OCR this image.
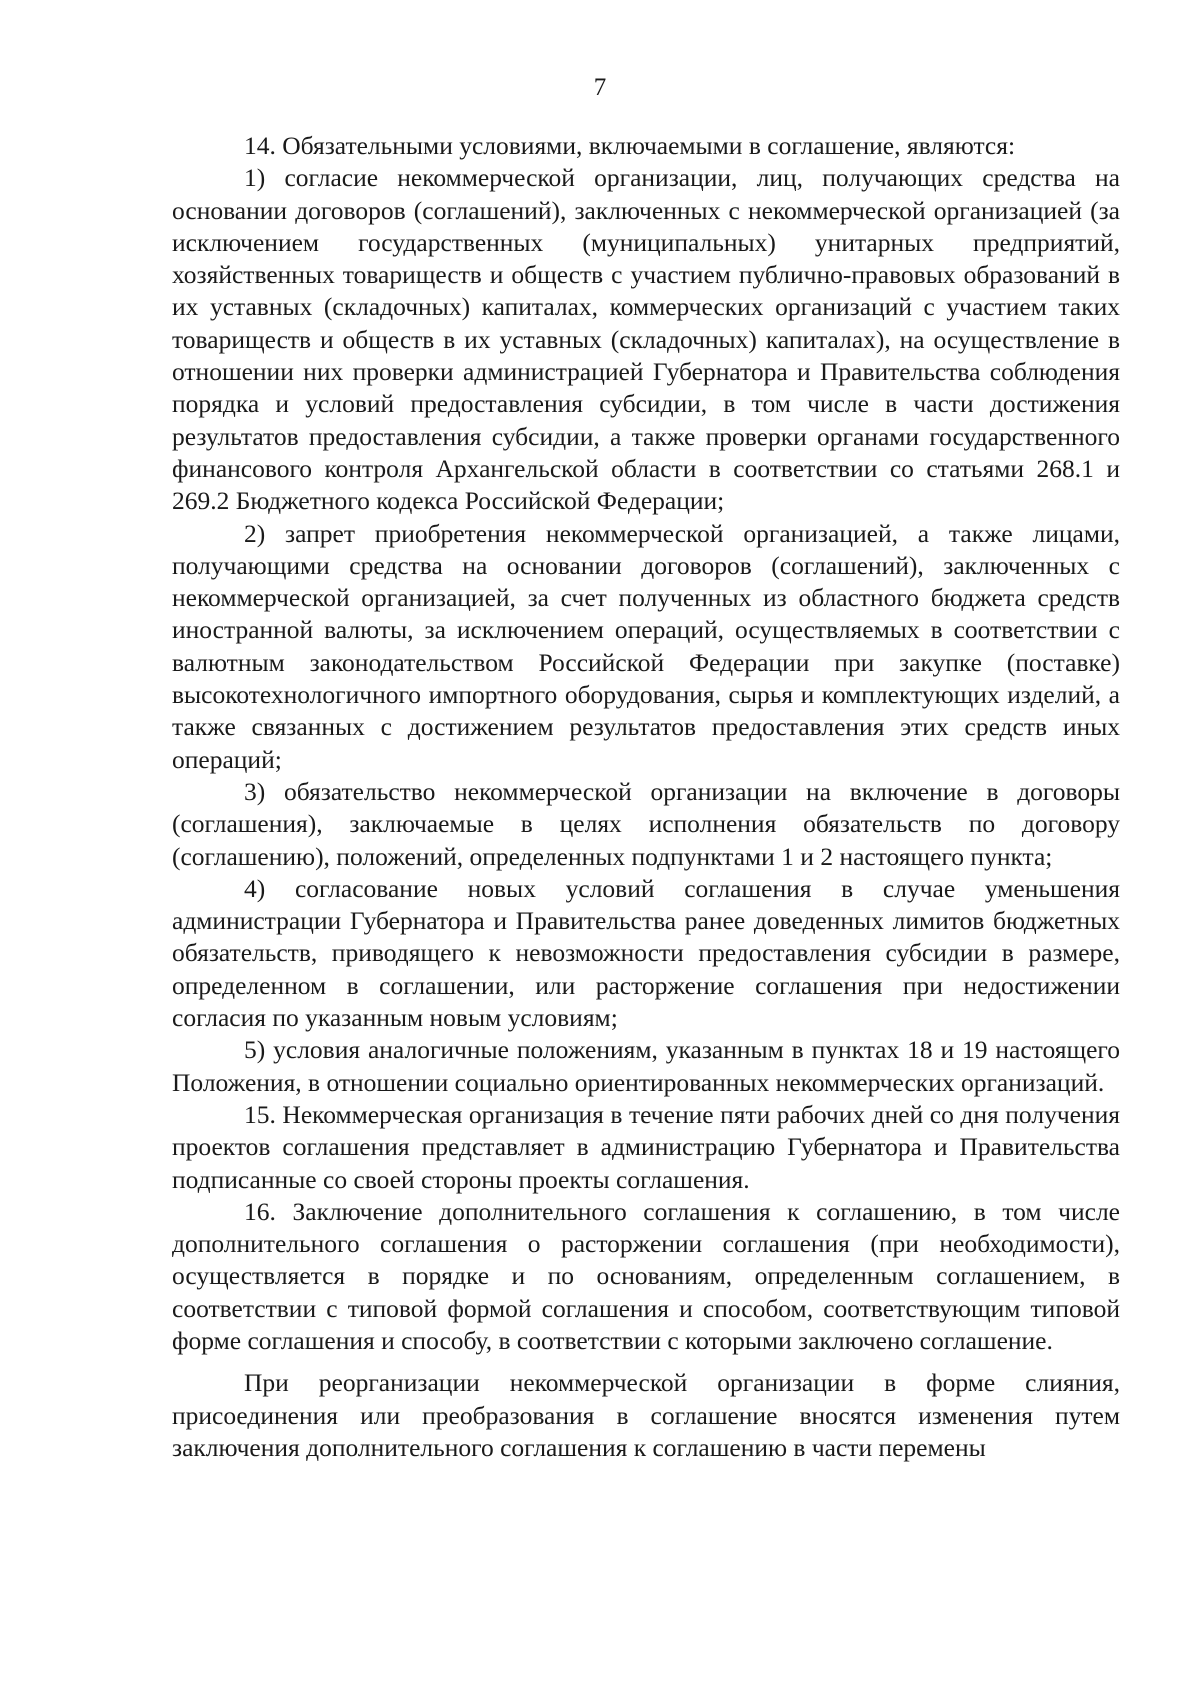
7

14. Обязательными условиями, включаемыми в соглашение, являются:

1) согласие некоммерческой организации, лиц, получающих средства на основании договоров (соглашений), заключенных с некоммерческой организацией (за исключением государственных (муниципальных) унитарных предприятий, хозяйственных товариществ и обществ с участием публично-правовых образований в их уставных (складочных) капиталах, коммерческих организаций с участием таких товариществ и обществ в их уставных (складочных) капиталах), на осуществление в отношении них проверки администрацией Губернатора и Правительства соблюдения порядка и условий предоставления субсидии, в том числе в части достижения результатов предоставления субсидии, а также проверки органами государственного финансового контроля Архангельской области в соответствии со статьями 268.1 и 269.2 Бюджетного кодекса Российской Федерации;

2) запрет приобретения некоммерческой организацией, а также лицами, получающими средства на основании договоров (соглашений), заключенных с некоммерческой организацией, за счет полученных из областного бюджета средств иностранной валюты, за исключением операций, осуществляемых в соответствии с валютным законодательством Российской Федерации при закупке (поставке) высокотехнологичного импортного оборудования, сырья и комплектующих изделий, а также связанных с достижением результатов предоставления этих средств иных операций;

3) обязательство некоммерческой организации на включение в договоры (соглашения), заключаемые в целях исполнения обязательств по договору (соглашению), положений, определенных подпунктами 1 и 2 настоящего пункта;

4) согласование новых условий соглашения в случае уменьшения администрации Губернатора и Правительства ранее доведенных лимитов бюджетных обязательств, приводящего к невозможности предоставления субсидии в размере, определенном в соглашении, или расторжение соглашения при недостижении согласия по указанным новым условиям;

5) условия аналогичные положениям, указанным в пунктах 18 и 19 настоящего Положения, в отношении социально ориентированных некоммерческих организаций.

15. Некоммерческая организация в течение пяти рабочих дней со дня получения проектов соглашения представляет в администрацию Губернатора и Правительства подписанные со своей стороны проекты соглашения.

16. Заключение дополнительного соглашения к соглашению, в том числе дополнительного соглашения о расторжении соглашения (при необходимости), осуществляется в порядке и по основаниям, определенным соглашением, в соответствии с типовой формой соглашения и способом, соответствующим типовой форме соглашения и способу, в соответствии с которыми заключено соглашение.

При реорганизации некоммерческой организации в форме слияния, присоединения или преобразования в соглашение вносятся изменения путем заключения дополнительного соглашения к соглашению в части перемены
